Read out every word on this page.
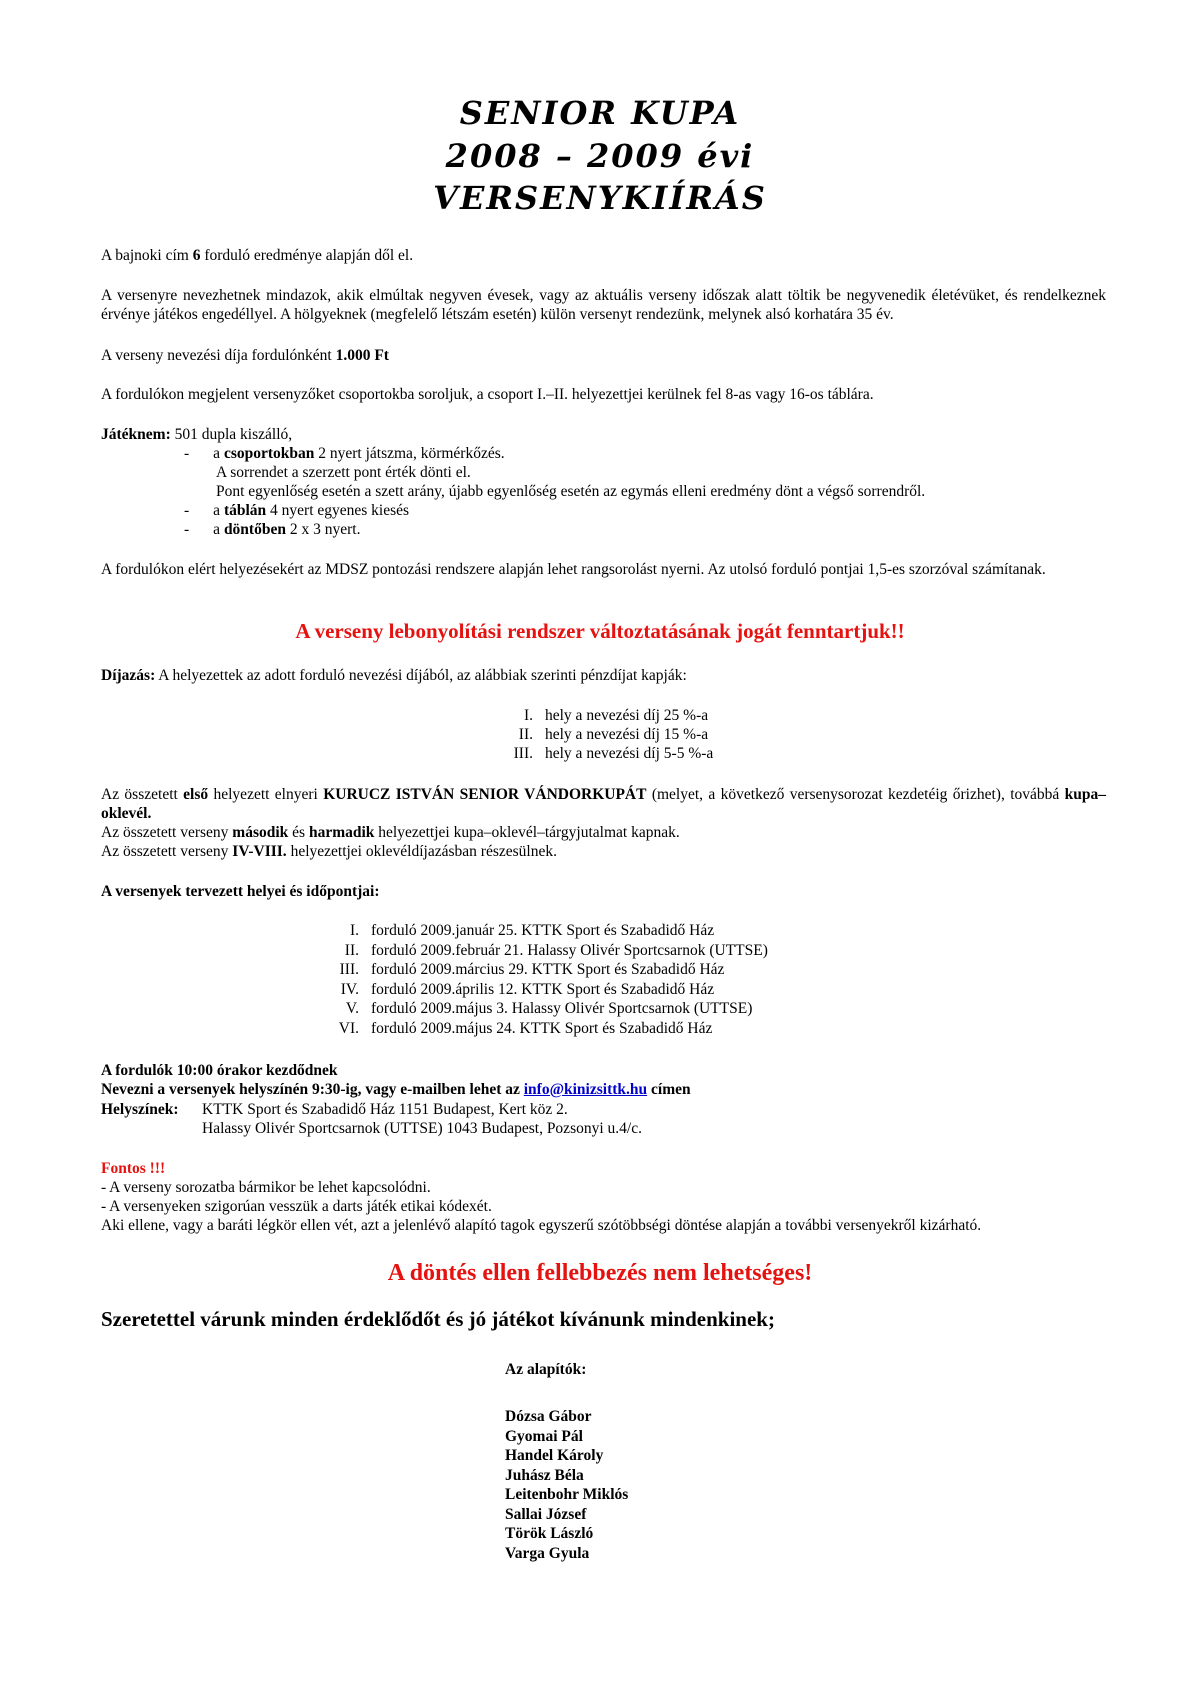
SENIOR KUPA
2008 – 2009 évi
VERSENYKIÍRÁS
A bajnoki cím 6 forduló eredménye alapján dől el.

A versenyre nevezhetnek mindazok, akik elmúltak negyven évesek, vagy az aktuális verseny időszak alatt töltik be negyvenedik életévüket, és rendelkeznek érvénye játékos engedéllyel. A hölgyeknek (megfelelő létszám esetén) külön versenyt rendezünk, melynek alsó korhatára 35 év.

A verseny nevezési díja fordulónként 1.000 Ft
A fordulókon megjelent versenyzőket csoportokba soroljuk, a csoport I.–II. helyezettjei kerülnek fel 8-as vagy 16-os táblára.
Játéknem: 501 dupla kiszálló,
- a csoportokban 2 nyert játszma, körmérkőzés.
A sorrendet a szerzett pont érték dönti el.
Pont egyenlőség esetén a szett arány, újabb egyenlőség esetén az egymás elleni eredmény dönt a végső sorrendről.
- a táblán 4 nyert egyenes kiesés
- a döntőben 2 x 3 nyert.

A fordulókon elért helyezésekért az MDSZ pontozási rendszere alapján lehet rangsorolást nyerni. Az utolsó forduló pontjai 1,5-es szorzóval számítanak.

A verseny lebonyolítási rendszer változtatásának jogát fenntartjuk!!
Díjazás: A helyezettek az adott forduló nevezési díjából, az alábbiak szerinti pénzdíjat kapják:
I. hely a nevezési díj 25 %-a
II. hely a nevezési díj 15 %-a
III. hely a nevezési díj 5-5 %-a

Az összetett első helyezett elnyeri KURUCZ ISTVÁN SENIOR VÁNDORKUPÁT (melyet, a következő versenysorozat kezdetéig őrizhet), továbbá kupa–oklevél.

Az összetett verseny második és harmadik helyezettjei kupa–oklevél–tárgyjutalmat kapnak.
Az összetett verseny IV-VIII. helyezettjei oklevéldíjazásban részesülnek.
A versenyek tervezett helyei és időpontjai:
I. forduló 2009.január 25. KTTK Sport és Szabadidő Ház
II. forduló 2009.február 21. Halassy Olivér Sportcsarnok (UTTSE)
III. forduló 2009.március 29. KTTK Sport és Szabadidő Ház
IV. forduló 2009.április 12. KTTK Sport és Szabadidő Ház
V. forduló 2009.május 3. Halassy Olivér Sportcsarnok (UTTSE)
VI. forduló 2009.május 24. KTTK Sport és Szabadidő Ház
A fordulók 10:00 órakor kezdődnek
Nevezni a versenyek helyszínén 9:30-ig, vagy e-mailben lehet az info@kinizsittk.hu címen
Helyszínek: KTTK Sport és Szabadidő Ház 1151 Budapest, Kert köz 2.
Halassy Olivér Sportcsarnok (UTTSE) 1043 Budapest, Pozsonyi u.4/c.
Fontos !!!
- A verseny sorozatba bármikor be lehet kapcsolódni.
- A versenyeken szigorúan vesszük a darts játék etikai kódexét.
Aki ellene, vagy a baráti légkör ellen vét, azt a jelenlévő alapító tagok egyszerű szótöbbségi döntése alapján a további versenyekről kizárható.
A döntés ellen fellebbezés nem lehetséges!
Szeretettel várunk minden érdeklődőt és jó játékot kívánunk mindenkinek;
Az alapítók:
Dózsa Gábor
Gyomai Pál
Handel Károly
Juhász Béla
Leitenbohr Miklós
Sallai József
Török László
Varga Gyula
